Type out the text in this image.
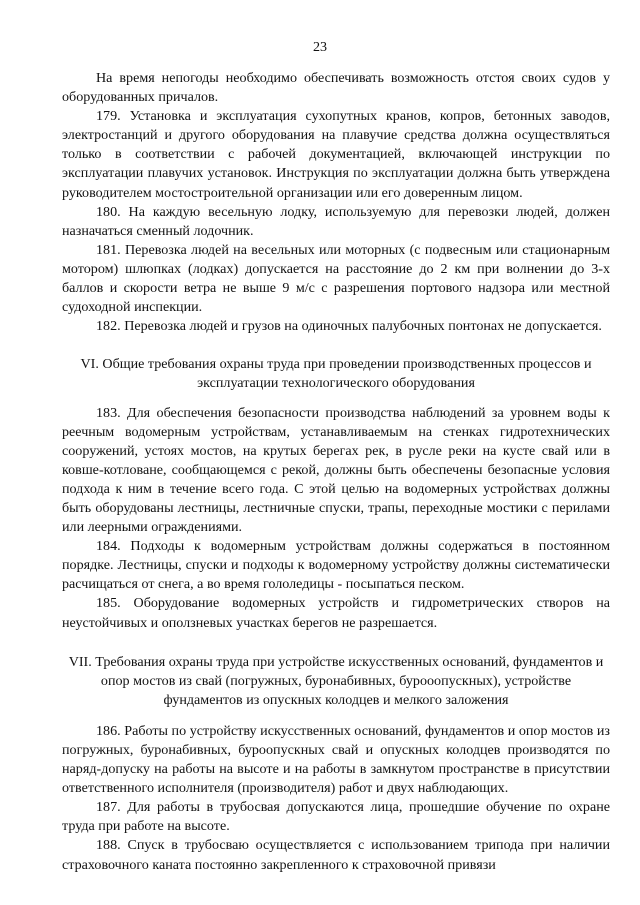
23

На время непогоды необходимо обеспечивать возможность отстоя своих судов у оборудованных причалов.

179. Установка и эксплуатация сухопутных кранов, копров, бетонных заводов, электростанций и другого оборудования на плавучие средства должна осуществляться только в соответствии с рабочей документацией, включающей инструкции по эксплуатации плавучих установок. Инструкция по эксплуатации должна быть утверждена руководителем мостостроительной организации или его доверенным лицом.

180. На каждую весельную лодку, используемую для перевозки людей, должен назначаться сменный лодочник.

181. Перевозка людей на весельных или моторных (с подвесным или стационарным мотором) шлюпках (лодках) допускается на расстояние до 2 км при волнении до 3-х баллов и скорости ветра не выше 9 м/с с разрешения портового надзора или местной судоходной инспекции.

182. Перевозка людей и грузов на одиночных палубочных понтонах не допускается.

VI. Общие требования охраны труда при проведении производственных процессов и эксплуатации технологического оборудования

183. Для обеспечения безопасности производства наблюдений за уровнем воды к реечным водомерным устройствам, устанавливаемым на стенках гидротехнических сооружений, устоях мостов, на крутых берегах рек, в русле реки на кусте свай или в ковше-котловане, сообщающемся с рекой, должны быть обеспечены безопасные условия подхода к ним в течение всего года. С этой целью на водомерных устройствах должны быть оборудованы лестницы, лестничные спуски, трапы, переходные мостики с перилами или леерными ограждениями.

184. Подходы к водомерным устройствам должны содержаться в постоянном порядке. Лестницы, спуски и подходы к водомерному устройству должны систематически расчищаться от снега, а во время гололедицы - посыпаться песком.

185. Оборудование водомерных устройств и гидрометрических створов на неустойчивых и оползневых участках берегов не разрешается.

VII. Требования охраны труда при устройстве искусственных оснований, фундаментов и опор мостов из свай (погружных, буронабивных, бурооопускных), устройстве фундаментов из опускных колодцев и мелкого заложения

186. Работы по устройству искусственных оснований, фундаментов и опор мостов из погружных, буронабивных, буроопускных свай и опускных колодцев производятся по наряд-допуску на работы на высоте и на работы в замкнутом пространстве в присутствии ответственного исполнителя (производителя) работ и двух наблюдающих.

187. Для работы в трубосвая допускаются лица, прошедшие обучение по охране труда при работе на высоте.

188. Спуск в трубосваю осуществляется с использованием трипода при наличии страховочного каната постоянно закрепленного к страховочной привязи
